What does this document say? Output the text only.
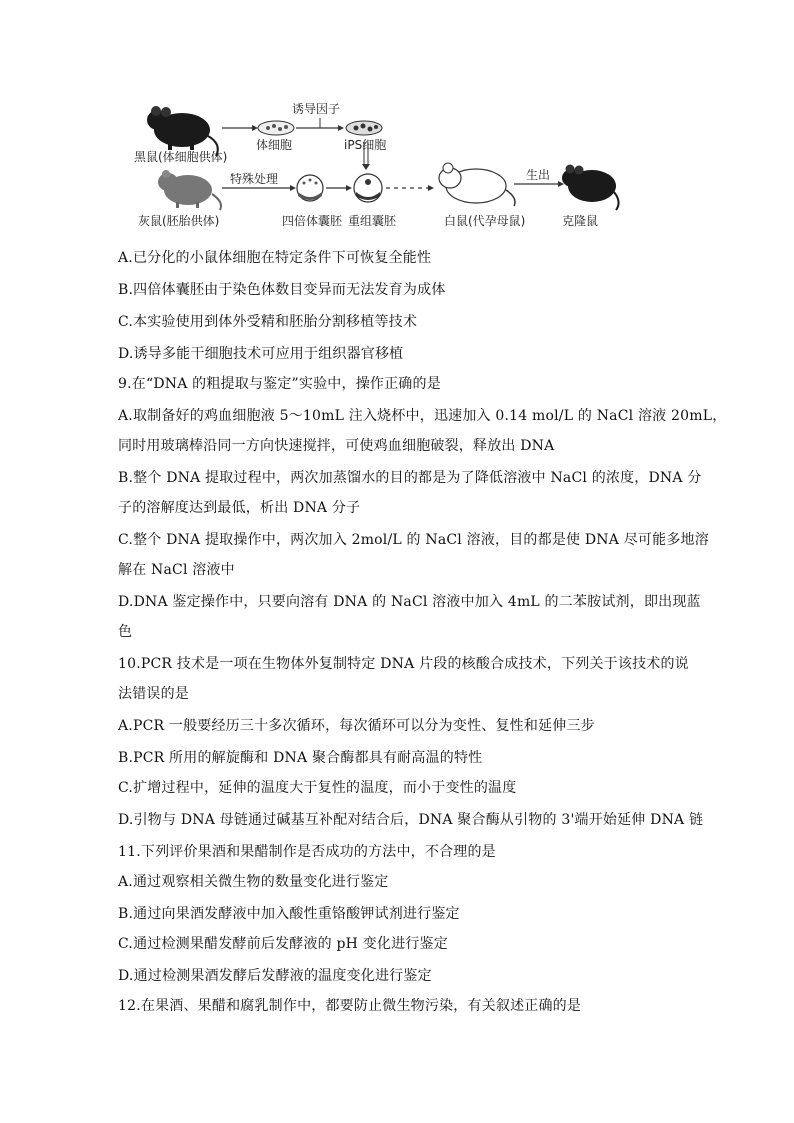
黑鼠(体细胞供体)
诱导因子
体细胞	iPS细胞
灰鼠(胚胎供体)
特殊处理
四倍体囊胚 重组囊胚	白鼠(代孕母鼠)
生出
克隆鼠
A.已分化的小鼠体细胞在特定条件下可恢复全能性
B.四倍体囊胚由于染色体数目变异而无法发育为成体
C.本实验使用到体外受精和胚胎分割移植等技术
D.诱导多能干细胞技术可应用于组织器官移植
9.在“DNA 的粗提取与鉴定”实验中，操作正确的是
A.取制备好的鸡血细胞液 5～10mL 注入烧杯中，迅速加入 0.14 mol/L 的 NaCl 溶液 20mL，
同时用玻璃棒沿同一方向快速搅拌，可使鸡血细胞破裂，释放出 DNA
B.整个 DNA 提取过程中，两次加蒸馏水的目的都是为了降低溶液中 NaCl 的浓度，DNA 分
子的溶解度达到最低，析出 DNA 分子
C.整个 DNA 提取操作中，两次加入 2mol/L 的 NaCl 溶液，目的都是使 DNA 尽可能多地溶
解在 NaCl 溶液中
D.DNA 鉴定操作中，只要向溶有 DNA 的 NaCl 溶液中加入 4mL 的二苯胺试剂，即出现蓝
色
10.PCR 技术是一项在生物体外复制特定 DNA 片段的核酸合成技术，下列关于该技术的说
法错误的是
A.PCR 一般要经历三十多次循环，每次循环可以分为变性、复性和延伸三步
B.PCR 所用的解旋酶和 DNA 聚合酶都具有耐高温的特性
C.扩增过程中，延伸的温度大于复性的温度，而小于变性的温度
D.引物与 DNA 母链通过碱基互补配对结合后，DNA 聚合酶从引物的 3'端开始延伸 DNA 链
11.下列评价果酒和果醋制作是否成功的方法中，不合理的是
A.通过观察相关微生物的数量变化进行鉴定
B.通过向果酒发酵液中加入酸性重铬酸钾试剂进行鉴定
C.通过检测果醋发酵前后发酵液的 pH 变化进行鉴定
D.通过检测果酒发酵后发酵液的温度变化进行鉴定
12.在果酒、果醋和腐乳制作中，都要防止微生物污染，有关叙述正确的是
